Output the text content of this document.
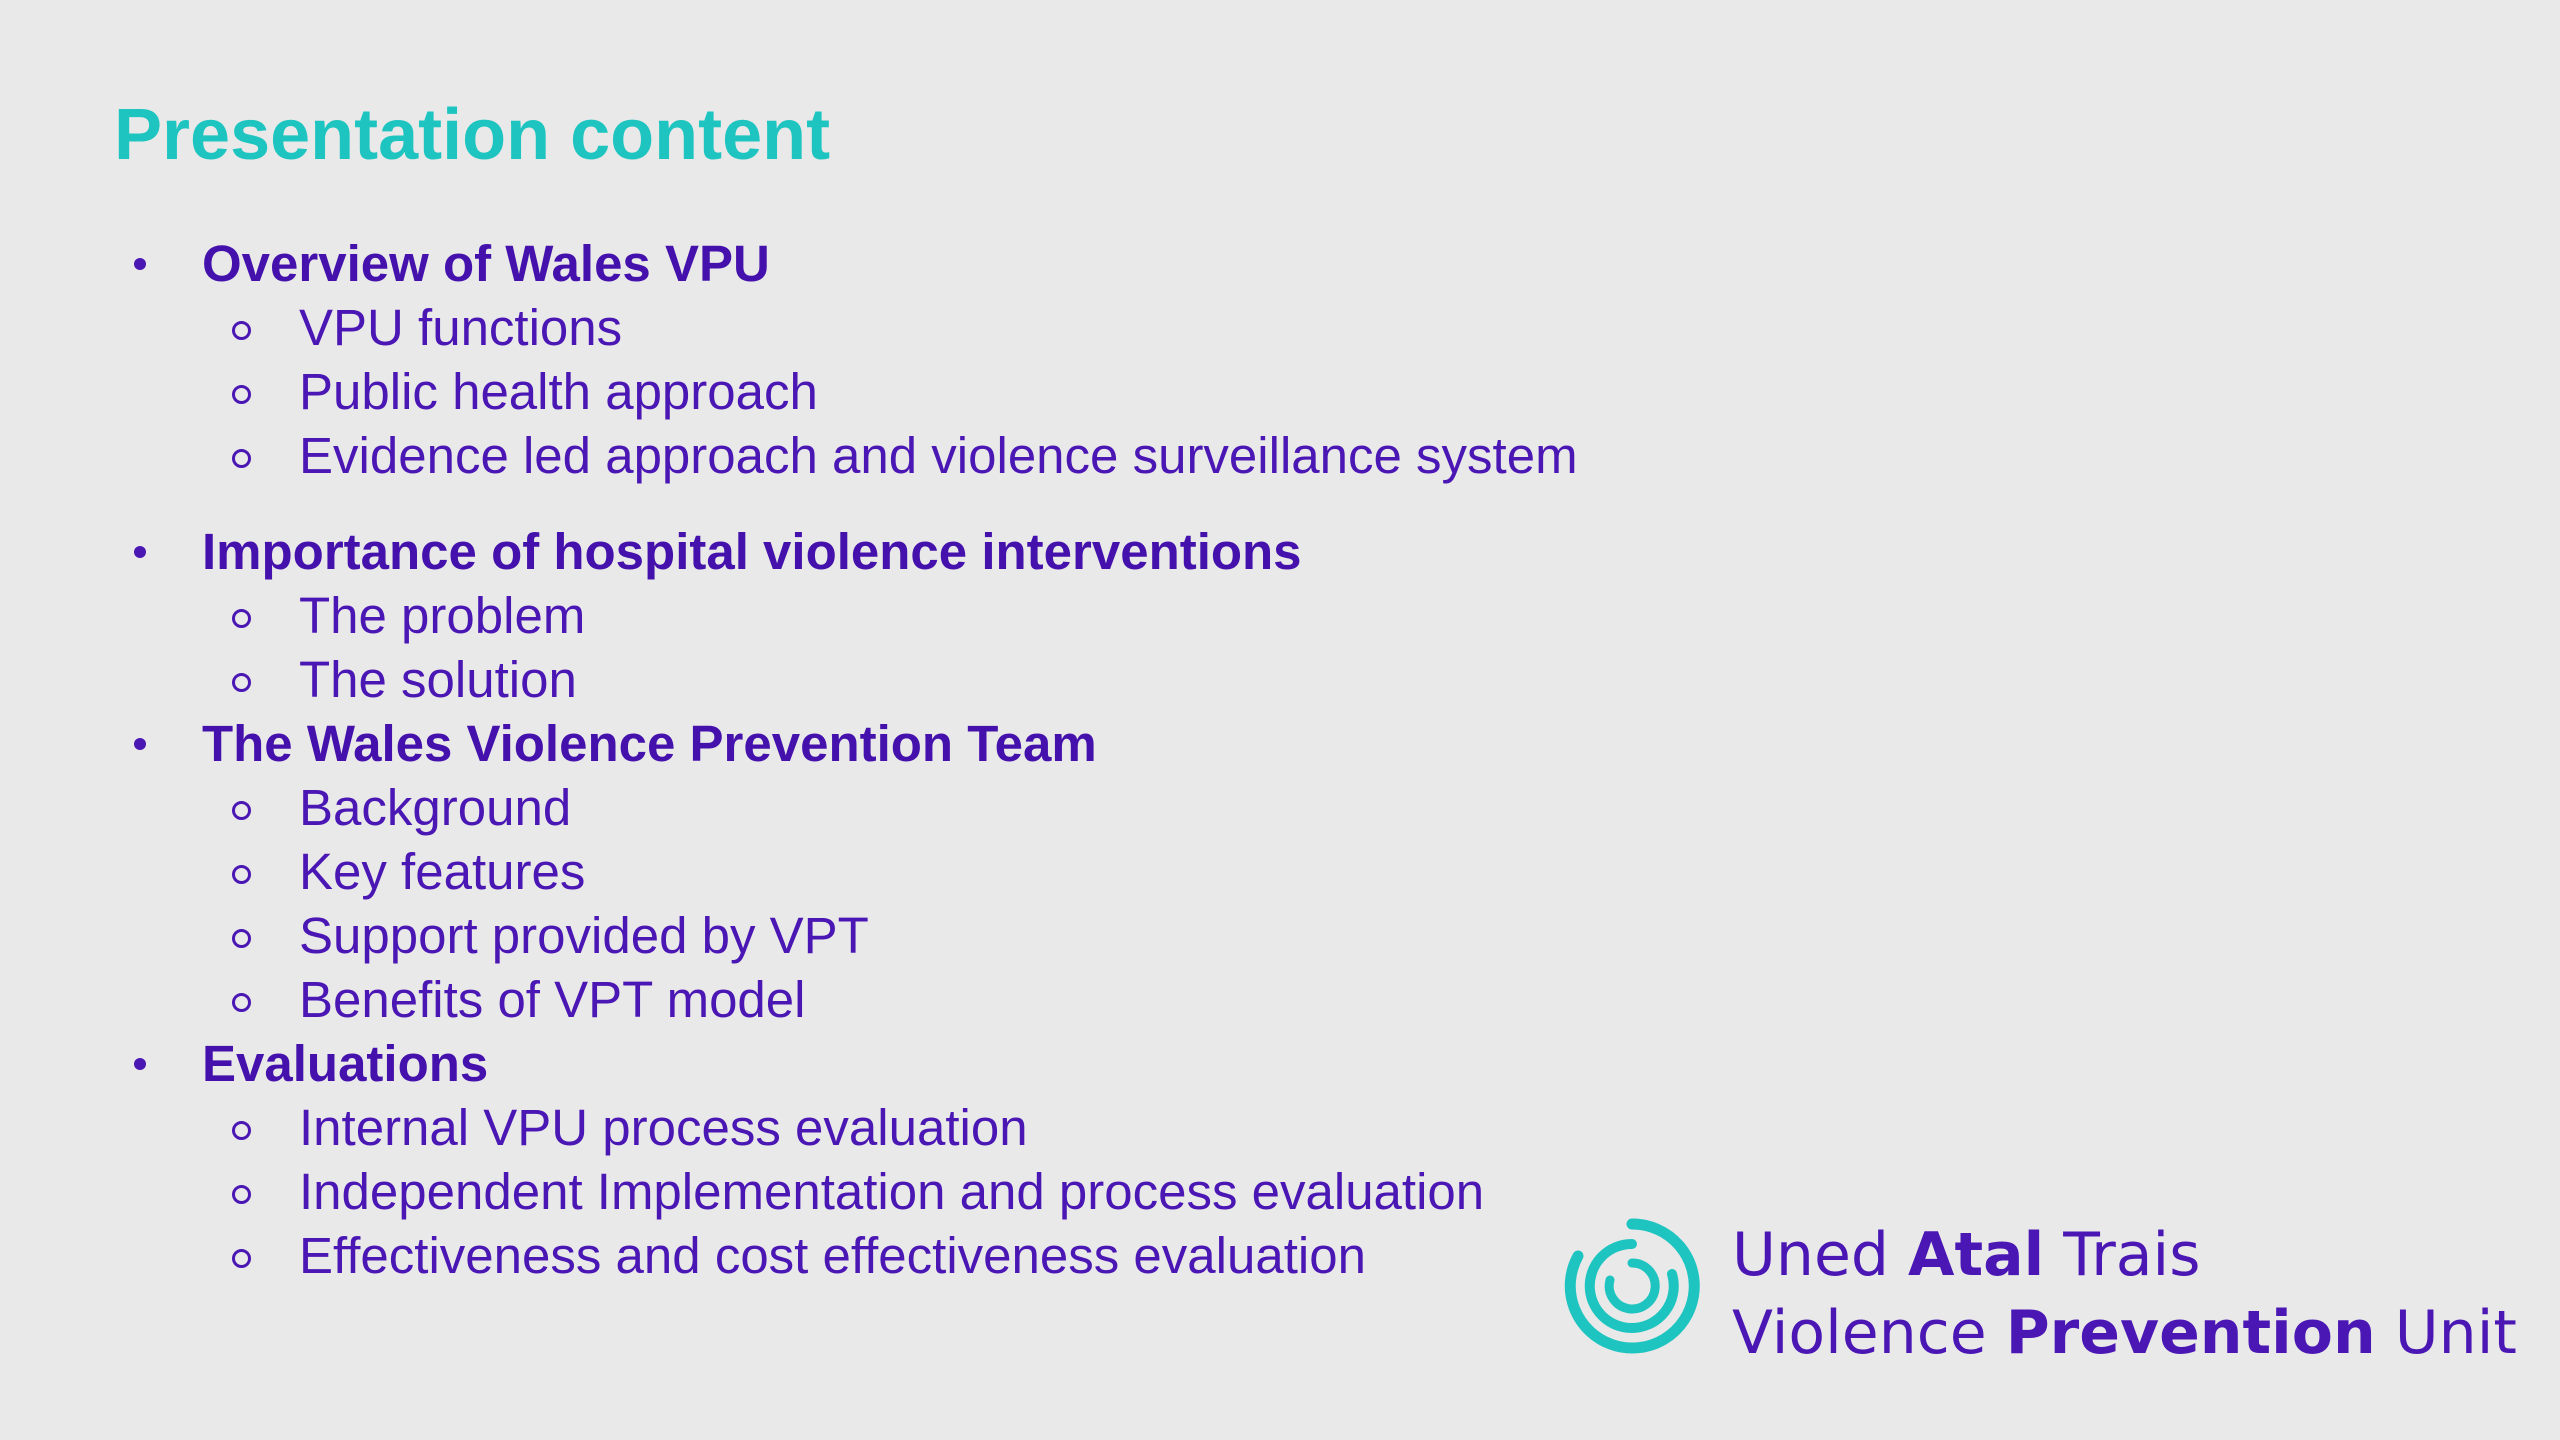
Presentation content
Overview of Wales VPU
VPU functions
Public health approach
Evidence led approach and violence surveillance system
Importance of hospital violence interventions
The problem
The solution
The Wales Violence Prevention Team
Background
Key features
Support provided by VPT
Benefits of VPT model
Evaluations
Internal VPU process evaluation
Independent Implementation and process evaluation
Effectiveness and cost effectiveness evaluation	Uned Atal Trais
Violence Prevention Unit
